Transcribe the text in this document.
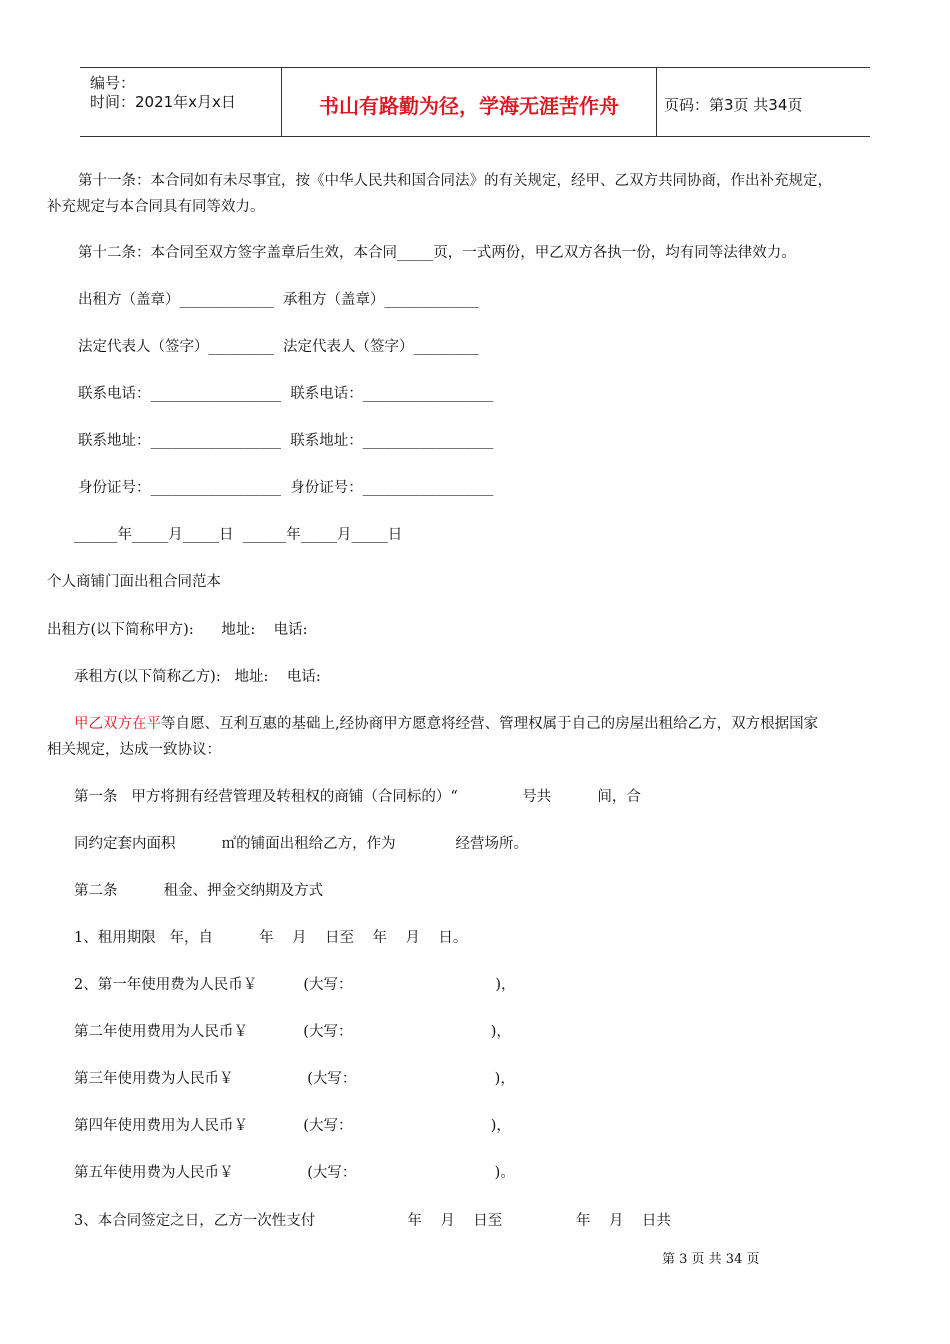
编号：
时间：2021年x月x日	书山有路勤为径，学海无涯苦作舟	页码：第3页 共34页
第十一条：本合同如有未尽事宜，按《中华人民共和国合同法》的有关规定，经甲、乙双方共同协商，作出补充规定，
补充规定与本合同具有同等效力。
第十二条：本合同至双方签字盖章后生效，本合同_____页，一式两份，甲乙双方各执一份，均有同等法律效力。
出租方（盖章）_____________  承租方（盖章）_____________
法定代表人（签字）_________  法定代表人（签字）_________
联系电话：__________________  联系电话：__________________
联系地址：__________________  联系地址：__________________
身份证号：__________________  身份证号：__________________
______年_____月_____日  ______年_____月_____日
个人商铺门面出租合同范本
出租方(以下简称甲方):      地址:    电话:
承租方(以下简称乙方):   地址:    电话:
甲乙双方在平等自愿、互利互惠的基础上,经协商甲方愿意将经营、管理权属于自己的房屋出租给乙方，双方根据国家
相关规定，达成一致协议：
第一条   甲方将拥有经营管理及转租权的商铺（合同标的）“              号共          间，合
同约定套内面积          ㎡的铺面出租给乙方，作为             经营场所。
第二条          租金、押金交纳期及方式
1、租用期限   年，自          年    月    日至    年    月    日。
2、第一年使用费为人民币￥          (大写：                               )，
第二年使用费用为人民币￥            (大写：                              )，
第三年使用费为人民币￥                (大写：                              )，
第四年使用费用为人民币￥            (大写：                              )，
第五年使用费为人民币￥                (大写：                              )。
3、本合同签定之日，乙方一次性支付                    年    月    日至                年    月    日共
第 3 页 共 34 页
